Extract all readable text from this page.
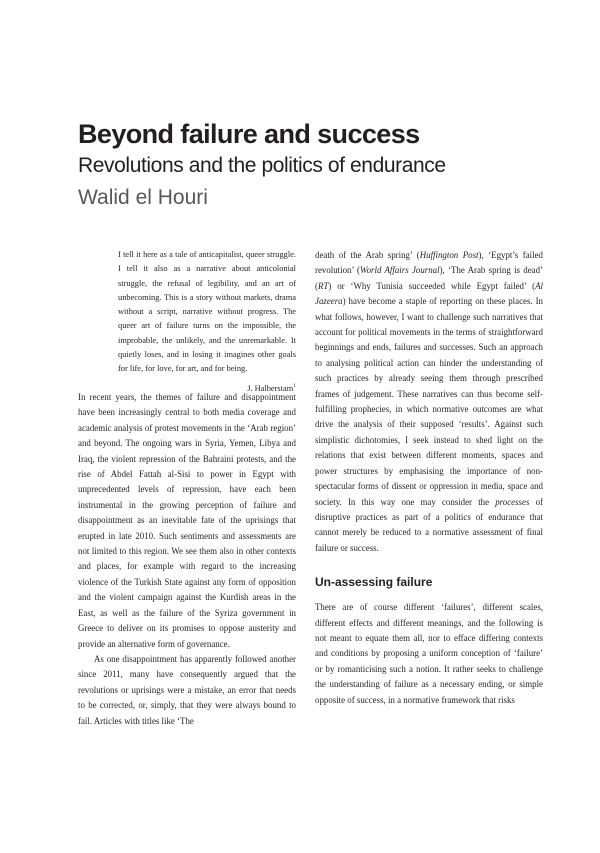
Beyond failure and success
Revolutions and the politics of endurance
Walid el Houri

I tell it here as a tale of anticapitalist, queer struggle. I tell it also as a narrative about anticolonial struggle, the refusal of legibility, and an art of unbecoming. This is a story without markets, drama without a script, narrative without progress. The queer art of failure turns on the impossible, the improbable, the unlikely, and the unremarkable. It quietly loses, and in losing it imagines other goals for life, for love, for art, and for being.

J. Halberstam$^1$

In recent years, the themes of failure and disappointment have been increasingly central to both media coverage and academic analysis of protest movements in the ‘Arab region’ and beyond. The ongoing wars in Syria, Yemen, Libya and Iraq, the violent repression of the Bahraini protests, and the rise of Abdel Fattah al-Sisi to power in Egypt with unprecedented levels of repression, have each been instrumental in the growing perception of failure and disappointment as an inevitable fate of the uprisings that erupted in late 2010. Such sentiments and assessments are not limited to this region. We see them also in other contexts and places, for example with regard to the increasing violence of the Turkish State against any form of opposition and the violent campaign against the Kurdish areas in the East, as well as the failure of the Syriza government in Greece to deliver on its promises to oppose austerity and provide an alternative form of governance.

As one disappointment has apparently followed another since 2011, many have consequently argued that the revolutions or uprisings were a mistake, an error that needs to be corrected, or, simply, that they were always bound to fail. Articles with titles like ‘The

death of the Arab spring’ (Huffington Post), ‘Egypt’s failed revolution’ (World Affairs Journal), ‘The Arab spring is dead’ (RT) or ‘Why Tunisia succeeded while Egypt failed’ (Al Jazeera) have become a staple of reporting on these places. In what follows, however, I want to challenge such narratives that account for political movements in the terms of straightforward beginnings and ends, failures and successes. Such an approach to analysing political action can hinder the understanding of such practices by already seeing them through prescribed frames of judgement. These narratives can thus become self-fulfilling prophecies, in which normative outcomes are what drive the analysis of their supposed ‘results’. Against such simplistic dichotomies, I seek instead to shed light on the relations that exist between different moments, spaces and power structures by emphasising the importance of non-spectacular forms of dissent or oppression in media, space and society. In this way one may consider the processes of disruptive practices as part of a politics of endurance that cannot merely be reduced to a normative assessment of final failure or success.

Un-assessing failure

There are of course different ‘failures’, different scales, different effects and different meanings, and the following is not meant to equate them all, nor to efface differing contexts and conditions by proposing a uniform conception of ‘failure’ or by romanticising such a notion. It rather seeks to challenge the understanding of failure as a necessary ending, or simple opposite of success, in a normative framework that risks
